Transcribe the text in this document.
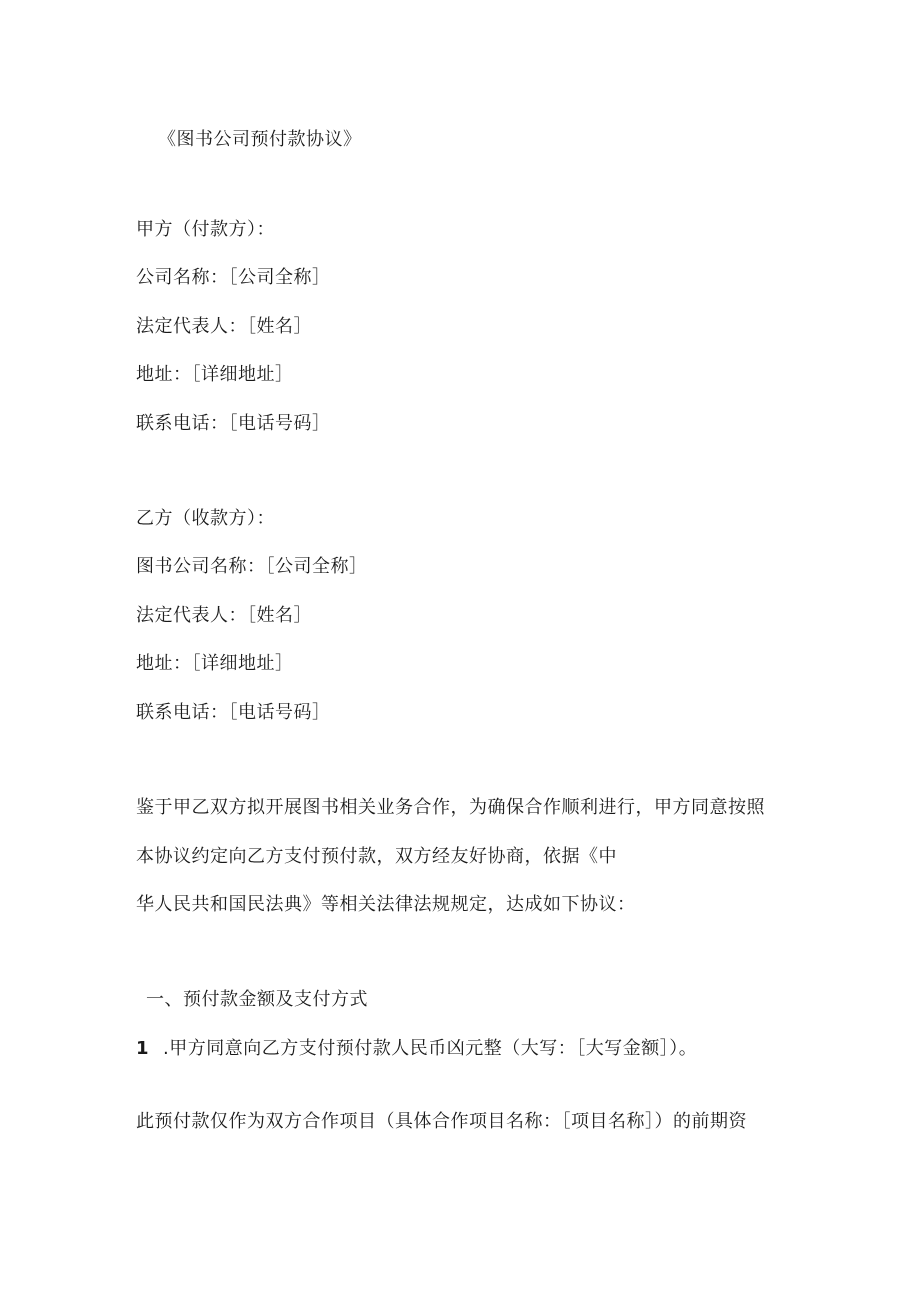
《图书公司预付款协议》
甲方（付款方）：
公司名称：［公司全称］
法定代表人：［姓名］
地址：［详细地址］
联系电话：［电话号码］
乙方（收款方）：
图书公司名称：［公司全称］
法定代表人：［姓名］
地址：［详细地址］
联系电话：［电话号码］
鉴于甲乙双方拟开展图书相关业务合作，为确保合作顺利进行，甲方同意按照
本协议约定向乙方支付预付款，双方经友好协商，依据《中
华人民共和国民法典》等相关法律法规规定，达成如下协议：
一、预付款金额及支付方式
1 .甲方同意向乙方支付预付款人民币凶元整（大写：［大写金额］）。
此预付款仅作为双方合作项目（具体合作项目名称：［项目名称］）的前期资
